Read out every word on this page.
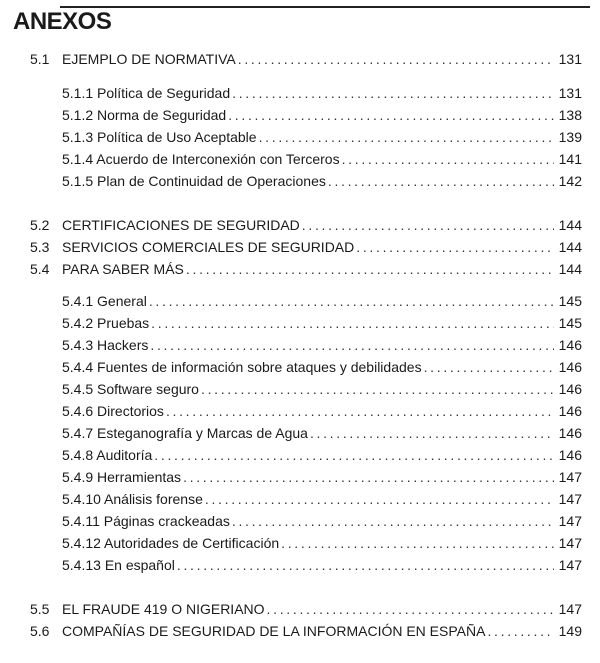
ANEXOS
5.1 EJEMPLO DE NORMATIVA . . .	131
5.1.1 Política de Seguridad . . .	131
5.1.2 Norma de Seguridad . . .	138
5.1.3 Política de Uso Aceptable . . .	139
5.1.4 Acuerdo de Interconexión con Terceros . . .	141
5.1.5 Plan de Continuidad de Operaciones . . .	142
5.2 CERTIFICACIONES DE SEGURIDAD . . .	144
5.3 SERVICIOS COMERCIALES DE SEGURIDAD . . .	144
5.4 PARA SABER MÁS . . .	144
5.4.1 General . . .	145
5.4.2 Pruebas . . .	145
5.4.3 Hackers . . .	146
5.4.4 Fuentes de información sobre ataques y debilidades . . .	146
5.4.5 Software seguro . . .	146
5.4.6 Directorios . . .	146
5.4.7 Esteganografía y Marcas de Agua . . .	146
5.4.8 Auditoría . . .	146
5.4.9 Herramientas . . .	147
5.4.10 Análisis forense . . .	147
5.4.11 Páginas crackeadas . . .	147
5.4.12 Autoridades de Certificación . . .	147
5.4.13 En español . . .	147
5.5 EL FRAUDE 419 O NIGERIANO . . .	147
5.6 COMPAÑÍAS DE SEGURIDAD DE LA INFORMACIÓN EN ESPAÑA . . .	149
